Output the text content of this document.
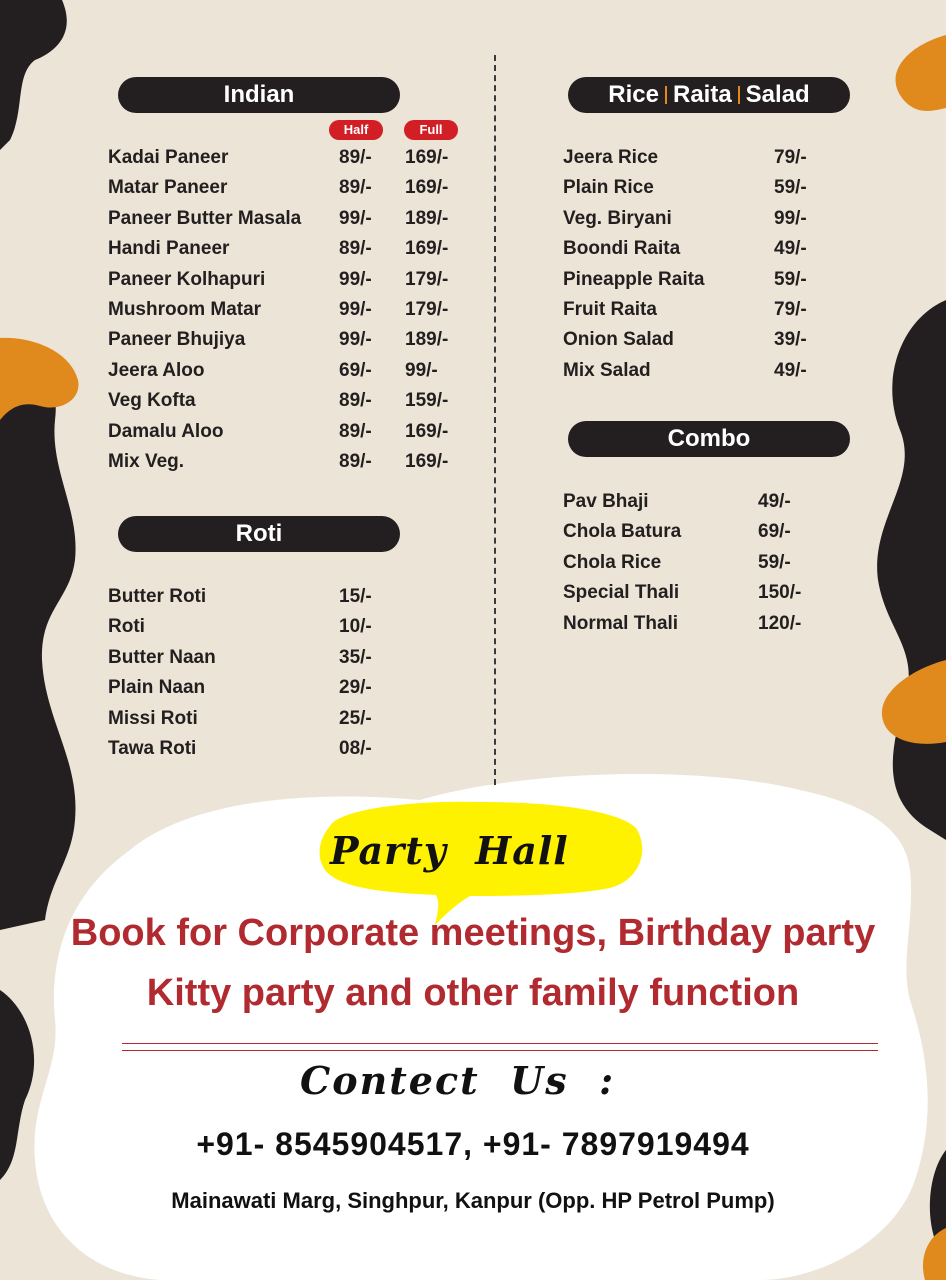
Indian
Half	Full
Kadai Paneer	89/- 169/-
Matar Paneer	89/- 169/-
Paneer Butter Masala 99/- 189/-
Handi Paneer	89/- 169/-
Paneer Kolhapuri	99/- 179/-
Mushroom Matar	99/- 179/-
Paneer Bhujiya	99/- 189/-
Jeera Aloo	69/- 99/-
Veg Kofta	89/- 159/-
Damalu Aloo	89/- 169/-
Mix Veg.	89/- 169/-
Roti
Butter Roti	15/-
Roti	10/-
Butter Naan	35/-
Plain Naan	29/-
Missi Roti	25/-
Tawa Roti	08/-
Rice Raita Salad
Jeera Rice	79/-
Plain Rice	59/-
Veg. Biryani	99/-
Boondi Raita	49/-
Pineapple Raita	59/-
Fruit Raita	79/-
Onion Salad	39/-
Mix Salad	49/-
Combo
Pav Bhaji	49/-
Chola Batura	69/-
Chola Rice	59/-
Special Thali	150/-
Normal Thali	120/-
Party  Hall
Book for Corporate meetings, Birthday party
Kitty party and other family function
Contect  Us  :
+91- 8545904517, +91- 7897919494
Mainawati Marg, Singhpur, Kanpur (Opp. HP Petrol Pump)
